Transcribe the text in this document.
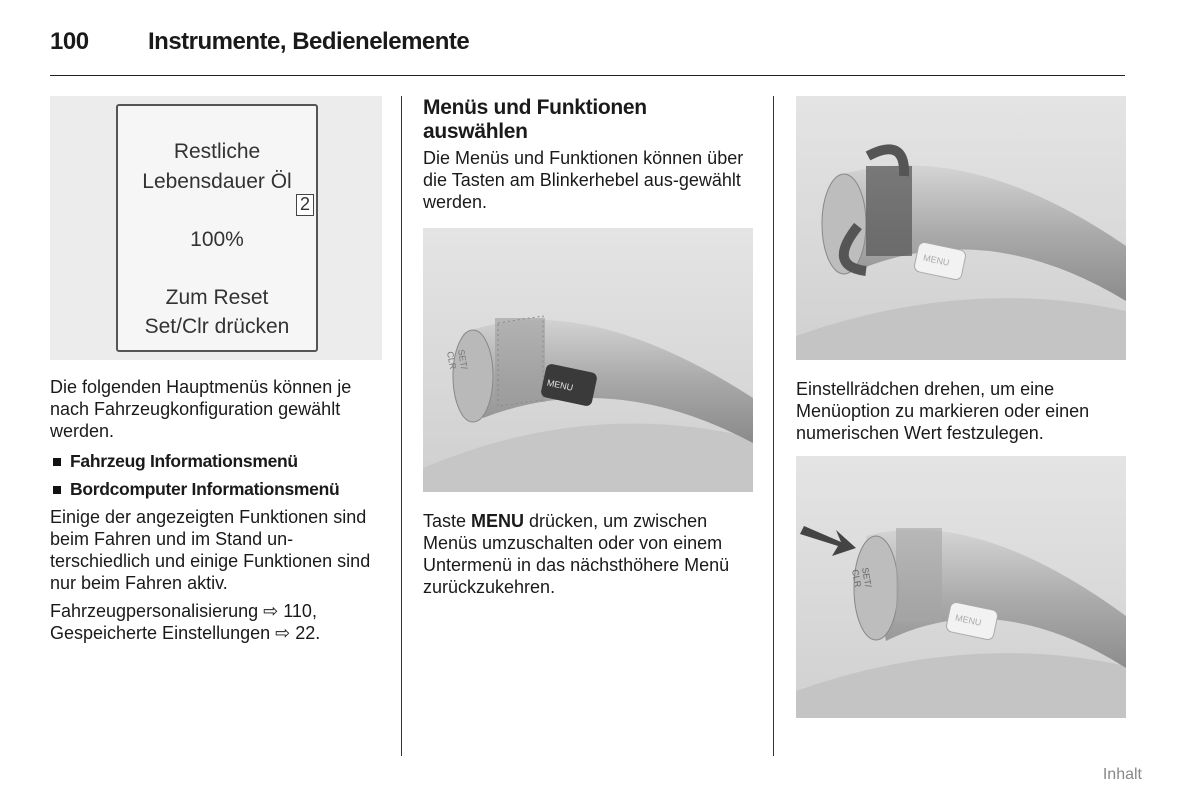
100 Instrumente, Bedienelemente
Restliche
Lebensdauer Öl
2
100%
Zum Reset
Set/Clr drücken

Die folgenden Hauptmenüs können je nach Fahrzeugkonfiguration gewählt werden.

Fahrzeug Informationsmenü
Bordcomputer Informationsmenü

Einige der angezeigten Funktionen sind beim Fahren und im Stand un-terschiedlich und einige Funktionen sind nur beim Fahren aktiv.

Fahrzeugpersonalisierung ⇨ 110,
Gespeicherte Einstellungen ⇨ 22.

Menüs und Funktionen auswählen

Die Menüs und Funktionen können über die Tasten am Blinkerhebel aus-gewählt werden.

MENU
SET/
CLR

Taste MENU drücken, um zwischen Menüs umzuschalten oder von einem Untermenü in das nächsthöhere Menü zurückzukehren.

MENU

Einstellrädchen drehen, um eine Menüoption zu markieren oder einen numerischen Wert festzulegen.

SET/
CLR
MENU
Inhalt
